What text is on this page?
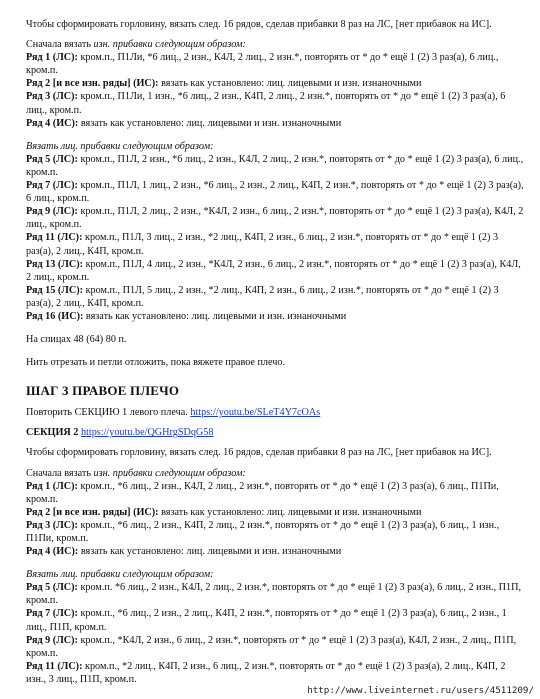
Чтобы сформировать горловину, вязать след. 16 рядов, сделав прибавки 8 раз на ЛС, [нет прибавок на ИС].

Сначала вязать изн. прибавки следующим образом:

Ряд 1 (ЛС): кром.п., П1Ли, *6 лиц., 2 изн., К4Л, 2 лиц., 2 изн.*, повторять от * до * ещё 1 (2) 3 раз(а), 6 лиц., кром.п.

Ряд 2 [и все изн. ряды] (ИС): вязать как установлено: лиц. лицевыми и изн. изнаночными

Ряд 3 (ЛС): кром.п., П1Ли, 1 изн., *6 лиц., 2 изн., К4П, 2 лиц., 2 изн.*, повторять от * до * ещё 1 (2) 3 раз(а), 6 лиц., кром.п.

Ряд 4 (ИС): вязать как установлено: лиц. лицевыми и изн. изнаночными

Вязать лиц. прибавки следующим образом:

Ряд 5 (ЛС): кром.п., П1Л, 2 изн., *6 лиц., 2 изн., К4Л, 2 лиц., 2 изн.*, повторять от * до * ещё 1 (2) 3 раз(а), 6 лиц., кром.п.

Ряд 7 (ЛС): кром.п., П1Л, 1 лиц., 2 изн., *6 лиц., 2 изн., 2 лиц., К4П, 2 изн.*, повторять от * до * ещё 1 (2) 3 раз(а), 6 лиц., кром.п.

Ряд 9 (ЛС): кром.п., П1Л, 2 лиц., 2 изн., *К4Л, 2 изн., 6 лиц., 2 изн.*, повторять от * до * ещё 1 (2) 3 раз(а), К4Л, 2 лиц., кром.п.

Ряд 11 (ЛС): кром.п., П1Л, 3 лиц., 2 изн., *2 лиц., К4П, 2 изн., 6 лиц., 2 изн.*, повторять от * до * ещё 1 (2) 3 раз(а), 2 лиц., К4П, кром.п.

Ряд 13 (ЛС): кром.п., П1Л, 4 лиц., 2 изн., *К4Л, 2 изн., 6 лиц., 2 изн.*, повторять от * до * ещё 1 (2) 3 раз(а), К4Л, 2 лиц., кром.п.

Ряд 15 (ЛС): кром.п., П1Л, 5 лиц., 2 изн., *2 лиц., К4П, 2 изн., 6 лиц., 2 изн.*, повторять от * до * ещё 1 (2) 3 раз(а), 2 лиц., К4П, кром.п.

Ряд 16 (ИС): вязать как установлено: лиц. лицевыми и изн. изнаночными

На спицах 48 (64) 80 п.

Нить отрезать и петли отложить, пока вяжете правое плечо.

ШАГ 3 ПРАВОЕ ПЛЕЧО

Повторить СЕКЦИЮ 1 левого плеча. https://youtu.be/SLeT4Y7cOAs

СЕКЦИЯ 2 https://youtu.be/QGHrgSDqG58

Чтобы сформировать горловину, вязать след. 16 рядов, сделав прибавки 8 раз на ЛС, [нет прибавок на ИС].

Сначала вязать изн. прибавки следующим образом:

Ряд 1 (ЛС): кром.п., *6 лиц., 2 изн., К4Л, 2 лиц., 2 изн.*, повторять от * до * ещё 1 (2) 3 раз(а), 6 лиц., П1Пи, кром.п.

Ряд 2 [и все изн. ряды] (ИС): вязать как установлено: лиц. лицевыми и изн. изнаночными

Ряд 3 (ЛС): кром.п., *6 лиц., 2 изн., К4П, 2 лиц., 2 изн.*, повторять от * до * ещё 1 (2) 3 раз(а), 6 лиц., 1 изн., П1Пи, кром.п.

Ряд 4 (ИС): вязать как установлено: лиц. лицевыми и изн. изнаночными

Вязать лиц. прибавки следующим образом:

Ряд 5 (ЛС): кром.п. *6 лиц., 2 изн., К4Л, 2 лиц., 2 изн.*, повторять от * до * ещё 1 (2) 3 раз(а), 6 лиц., 2 изн., П1П, кром.п.

Ряд 7 (ЛС): кром.п., *6 лиц., 2 изн., 2 лиц., К4П, 2 изн.*, повторять от * до * ещё 1 (2) 3 раз(а), 6 лиц., 2 изн., 1 лиц., П1П, кром.п.

Ряд 9 (ЛС): кром.п., *К4Л, 2 изн., 6 лиц., 2 изн.*, повторять от * до * ещё 1 (2) 3 раз(а), К4Л, 2 изн., 2 лиц., П1П, кром.п.

Ряд 11 (ЛС): кром.п., *2 лиц., К4П, 2 изн., 6 лиц., 2 изн.*, повторять от * до * ещё 1 (2) 3 раз(а), 2 лиц., К4П, 2 изн., 3 лиц., П1П, кром.п.

http://www.liveinternet.ru/users/4511209/
